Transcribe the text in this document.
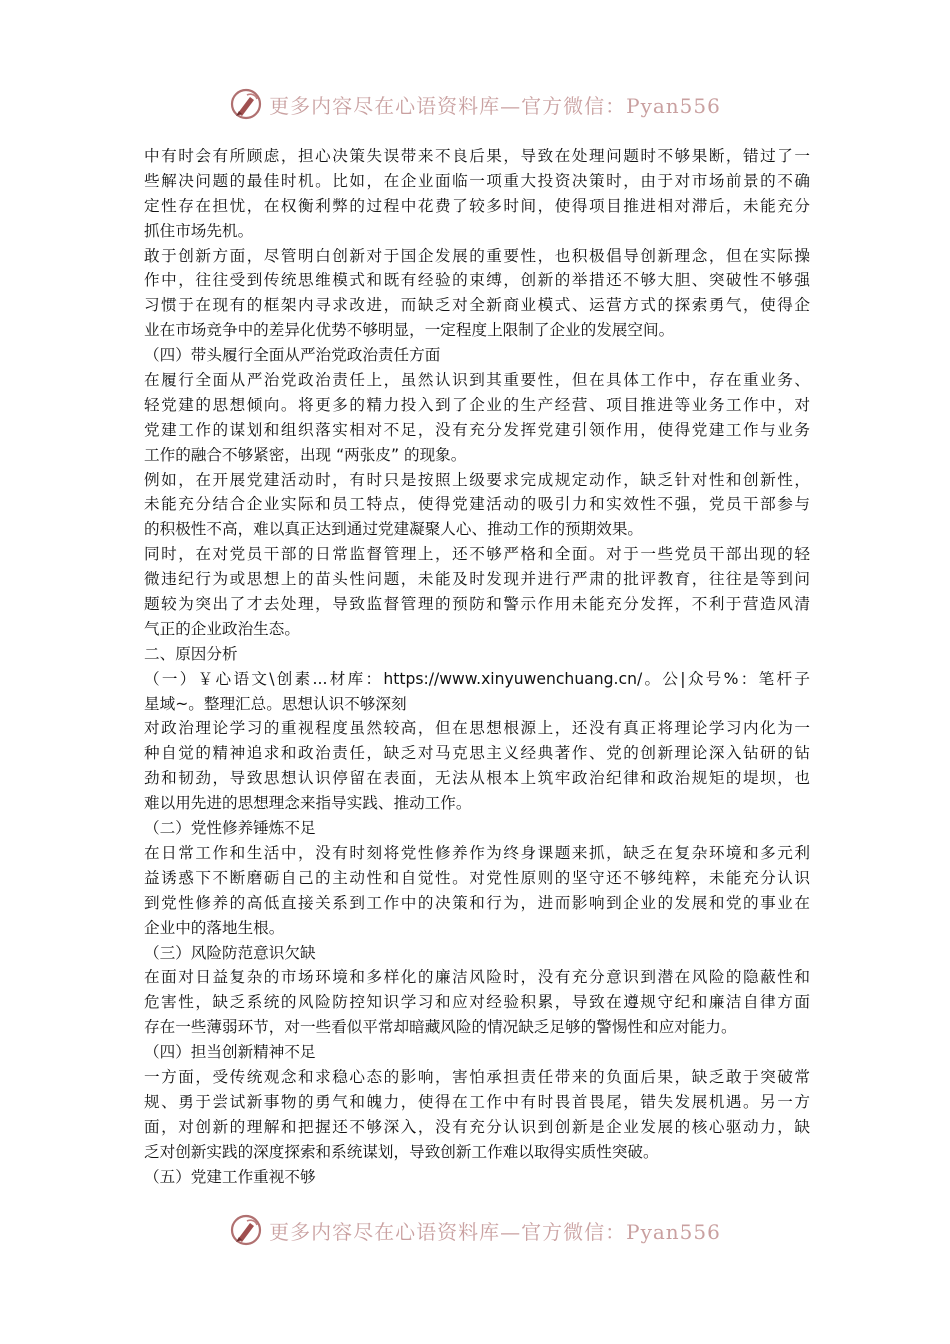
更多内容尽在心语资料库—官方微信：Pyan556
中有时会有所顾虑，担心决策失误带来不良后果，导致在处理问题时不够果断，错过了一
些解决问题的最佳时机。比如，在企业面临一项重大投资决策时，由于对市场前景的不确
定性存在担忧，在权衡利弊的过程中花费了较多时间，使得项目推进相对滞后，未能充分
抓住市场先机。
敢于创新方面，尽管明白创新对于国企发展的重要性，也积极倡导创新理念，但在实际操
作中，往往受到传统思维模式和既有经验的束缚，创新的举措还不够大胆、突破性不够强
习惯于在现有的框架内寻求改进，而缺乏对全新商业模式、运营方式的探索勇气，使得企
业在市场竞争中的差异化优势不够明显，一定程度上限制了企业的发展空间。
（四）带头履行全面从严治党政治责任方面
在履行全面从严治党政治责任上，虽然认识到其重要性，但在具体工作中，存在重业务、
轻党建的思想倾向。将更多的精力投入到了企业的生产经营、项目推进等业务工作中，对
党建工作的谋划和组织落实相对不足，没有充分发挥党建引领作用，使得党建工作与业务
工作的融合不够紧密，出现 “两张皮” 的现象。
例如，在开展党建活动时，有时只是按照上级要求完成规定动作，缺乏针对性和创新性，
未能充分结合企业实际和员工特点，使得党建活动的吸引力和实效性不强，党员干部参与
的积极性不高，难以真正达到通过党建凝聚人心、推动工作的预期效果。
同时，在对党员干部的日常监督管理上，还不够严格和全面。对于一些党员干部出现的轻
微违纪行为或思想上的苗头性问题，未能及时发现并进行严肃的批评教育，往往是等到问
题较为突出了才去处理，导致监督管理的预防和警示作用未能充分发挥，不利于营造风清
气正的企业政治生态。
二、原因分析
（一）￥心语文\创素...材库：https://www.xinyuwenchuang.cn/。公|众号%：笔杆子
星域~。整理汇总。思想认识不够深刻
对政治理论学习的重视程度虽然较高，但在思想根源上，还没有真正将理论学习内化为一
种自觉的精神追求和政治责任，缺乏对马克思主义经典著作、党的创新理论深入钻研的钻
劲和韧劲，导致思想认识停留在表面，无法从根本上筑牢政治纪律和政治规矩的堤坝，也
难以用先进的思想理念来指导实践、推动工作。
（二）党性修养锤炼不足
在日常工作和生活中，没有时刻将党性修养作为终身课题来抓，缺乏在复杂环境和多元利
益诱惑下不断磨砺自己的主动性和自觉性。对党性原则的坚守还不够纯粹，未能充分认识
到党性修养的高低直接关系到工作中的决策和行为，进而影响到企业的发展和党的事业在
企业中的落地生根。
（三）风险防范意识欠缺
在面对日益复杂的市场环境和多样化的廉洁风险时，没有充分意识到潜在风险的隐蔽性和
危害性，缺乏系统的风险防控知识学习和应对经验积累，导致在遵规守纪和廉洁自律方面
存在一些薄弱环节，对一些看似平常却暗藏风险的情况缺乏足够的警惕性和应对能力。
（四）担当创新精神不足
一方面，受传统观念和求稳心态的影响，害怕承担责任带来的负面后果，缺乏敢于突破常
规、勇于尝试新事物的勇气和魄力，使得在工作中有时畏首畏尾，错失发展机遇。另一方
面，对创新的理解和把握还不够深入，没有充分认识到创新是企业发展的核心驱动力，缺
乏对创新实践的深度探索和系统谋划，导致创新工作难以取得实质性突破。
（五）党建工作重视不够
更多内容尽在心语资料库—官方微信：Pyan556
